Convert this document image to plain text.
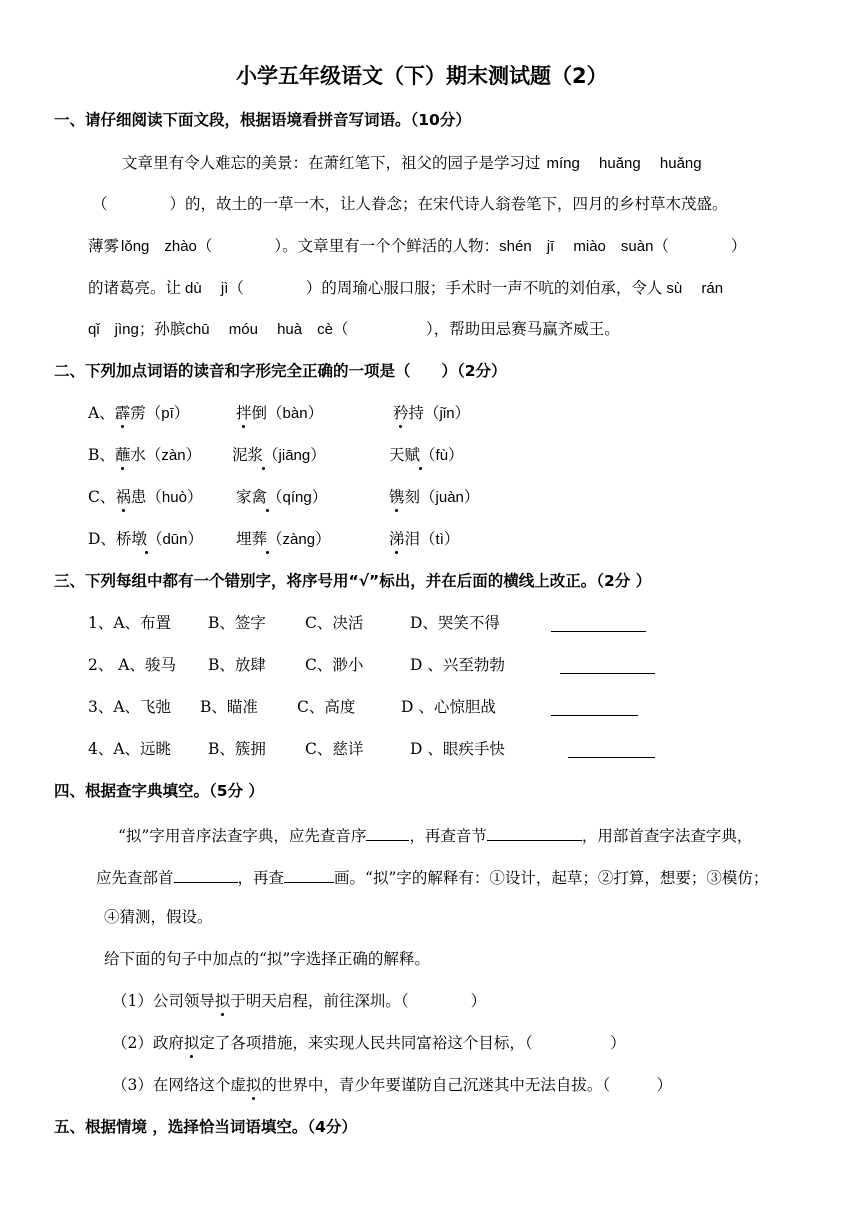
小学五年级语文（下）期末测试题（2）
一、请仔细阅读下面文段，根据语境看拼音写词语。（10分）
文章里有令人难忘的美景：在萧红笔下，祖父的园子是学习过 míng　 huǎng　 huǎng
（　　　　）的，故土的一草一木，让人眷念；在宋代诗人翁卷笔下，四月的乡村草木茂盛。
薄雾 lǒng　zhào（　　　　）。文章里有一个个鲜活的人物：shén　jī　 miào　suàn（　　　　）
的诸葛亮。让 dù　 jì（　　　　）的周瑜心服口服；手术时一声不吭的刘伯承，令人 sù　 rán
qǐ　jìng；孙膑chū　 móu　 huà　cè（　　　　　），帮助田忌赛马赢齐威王。
二、下列加点词语的读音和字形完全正确的一项是（　　）（2分）
A、霹雳（pī）	拌倒（bàn）	矜持（jǐn）
B、蘸水（zàn） 泥浆（jiāng）	天赋（fù）
C、祸患（huò） 家禽（qíng）	镌刻（juàn）
D、桥墩（dūn） 埋葬（zàng）	涕泪（tì）
三、下列每组中都有一个错别字，将序号用“√”标出，并在后面的横线上改正。（2分 ）
1、A、布置 B、签字	C、决活	D、哭笑不得
2、 A、骏马 B、放肆	C、渺小	D 、兴至勃勃
3、A、飞弛 B、瞄准	C、高度	D 、心惊胆战
4、A、远眺 B、簇拥	C、慈详	D 、眼疾手快
四、根据查字典填空。（5分 ）
“拟”字用音序法查字典，应先查音序	，再查音节	，用部首查字法查字典，
应先查部首	，再查	画。“拟”字的解释有：①设计，起草；②打算，想要；③模仿；
④猜测，假设。
给下面的句子中加点的“拟”字选择正确的解释。
（1）公司领导拟于明天启程，前往深圳。（　　　　）
（2）政府拟定了各项措施，来实现人民共同富裕这个目标，（　　　　　）
（3）在网络这个虚拟的世界中，青少年要谨防自己沉迷其中无法自拔。（　　　）
五、根据情境 ，选择恰当词语填空。（4分）
